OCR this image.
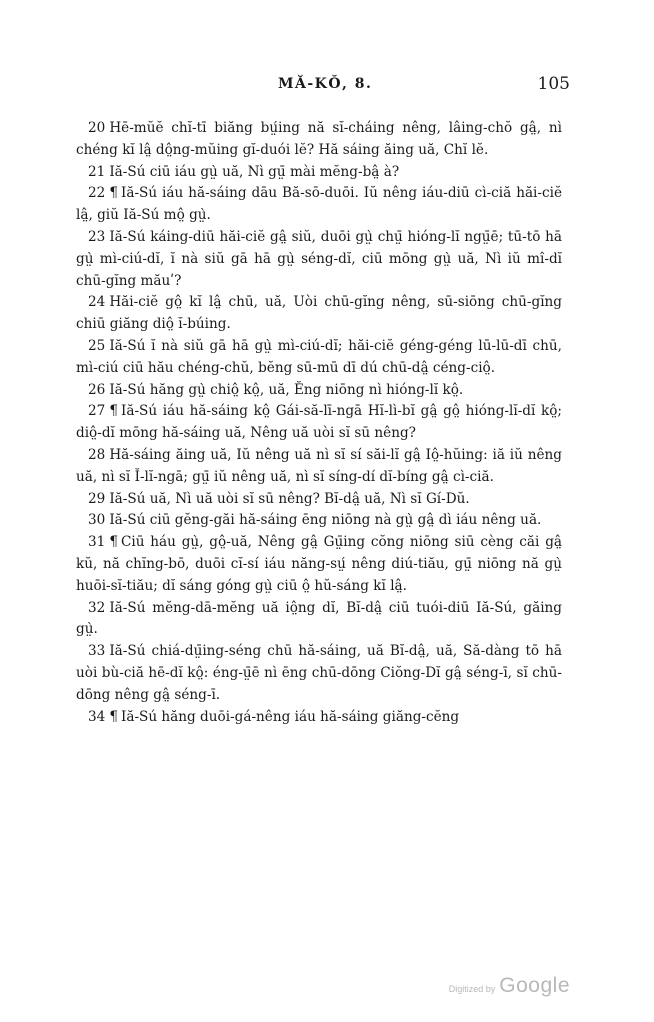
MĂ-KŎ, 8.	105

20 Hē-mŭĕ chĭ-tī biăng bṳ́ing nă sĭ-cháing nêng, lâing-chŏ gâ̤, nì chéng kĭ lâ̤ dô̤ng-mŭing gĭ-duói lĕ? Hă sáing ăing uă, Chĭ lĕ.

21 Iă-Sú ciū iáu gṳ̀ uă, Nì gṳ̄ mài mĕng-bâ̤ à?

22 ¶ Iă-Sú iáu hă-sáing dāu Bă-sō-duōi. Iŭ nêng iáu-diū cì-ciă hăi-ciĕ lâ̤, giŭ Iă-Sú mô̤ gṳ̀.

23 Iă-Sú káing-diū hăi-ciĕ gâ̤ siŭ, duōi gṳ̀ chṳ̄ hióng-lĭ ngṳ̄ē; tū-tō hā gṳ̀ mì-ciú-dĭ, ĭ nà siŭ gā hā gṳ̀ séng-dĭ, ciū mōng gṳ̀ uă, Nì iŭ mî-dĭ chū-gĭng măuʹ?

24 Hăi-ciĕ gô̤ kĭ lâ̤ chū, uă, Uòi chū-gĭng nêng, sū-siōng chū-gĭng chiū giăng diô̤ ĭ-búing.

25 Iă-Sú ĭ nà siŭ gā hā gṳ̀ mì-ciú-dĭ; hăi-ciĕ géng-géng lū-lū-dī chū, mì-ciú ciū hău chéng-chŭ, bĕng sū-mū dī dú chū-dâ̤ céng-ciô̤.

26 Iă-Sú hăng gṳ̀ chiô̤ kô̤, uă, Ĕng niōng nì hióng-lĭ kô̤.

27 ¶ Iă-Sú iáu hă-sáing kô̤ Gái-să-lī-ngā Hĭ-lì-bĭ gâ̤ gô̤ hióng-lĭ-dĭ kô̤; diô̤-dĭ mōng hă-sáing uă, Nêng uă uòi sĭ sū nêng?

28 Hă-sáing ăing uă, Iŭ nêng uă nì sĭ sí săi-lĭ gâ̤ Iô̤-hŭing: iă iŭ nêng uă, nì sĭ Ĭ-lĭ-ngā; gṳ̄ iŭ nêng uă, nì sĭ síng-dí dĭ-bíng gâ̤ cì-ciă.

29 Iă-Sú uă, Nì uă uòi sĭ sū nêng? Bĭ-dâ̤ uă, Nì sĭ Gí-Dŭ.

30 Iă-Sú ciū gĕng-găi hă-sáing ēng niōng nà gṳ̀ gâ̤ dì iáu nêng uă.

31 ¶ Ciū háu gṳ̀, gô̤-uă, Nêng gâ̤ Gṳ̄ing cŏng niōng siū cèng căi gâ̤ kŭ, nă chĭng-bō, duōi cĭ-sí iáu năng-sṳ́ nêng diú-tiău, gṳ̄ niōng nă gṳ̀ huōi-sĭ-tiău; dĭ sáng góng gṳ̀ ciū ô̤ hŭ-sáng kĭ lâ̤.

32 Iă-Sú mĕng-dā-mĕng uă iô̤ng dĭ, Bĭ-dâ̤ ciū tuói-diū Iă-Sú, găing gṳ̀.

33 Iă-Sú chiá-dṳ̄ing-séng chū hă-sáing, uă Bĭ-dâ̤, uă, Să-dàng tō hā uòi bù-ciă hē-dĭ kô̤: éng-ṳ̄ē nì ēng chū-dōng Ciŏng-Dĭ gâ̤ séng-ī, sĭ chū-dōng nêng gâ̤ séng-ī.

34 ¶ Iă-Sú hăng duōi-gá-nêng iáu hă-sáing giăng-cĕng

Digitized by Google
